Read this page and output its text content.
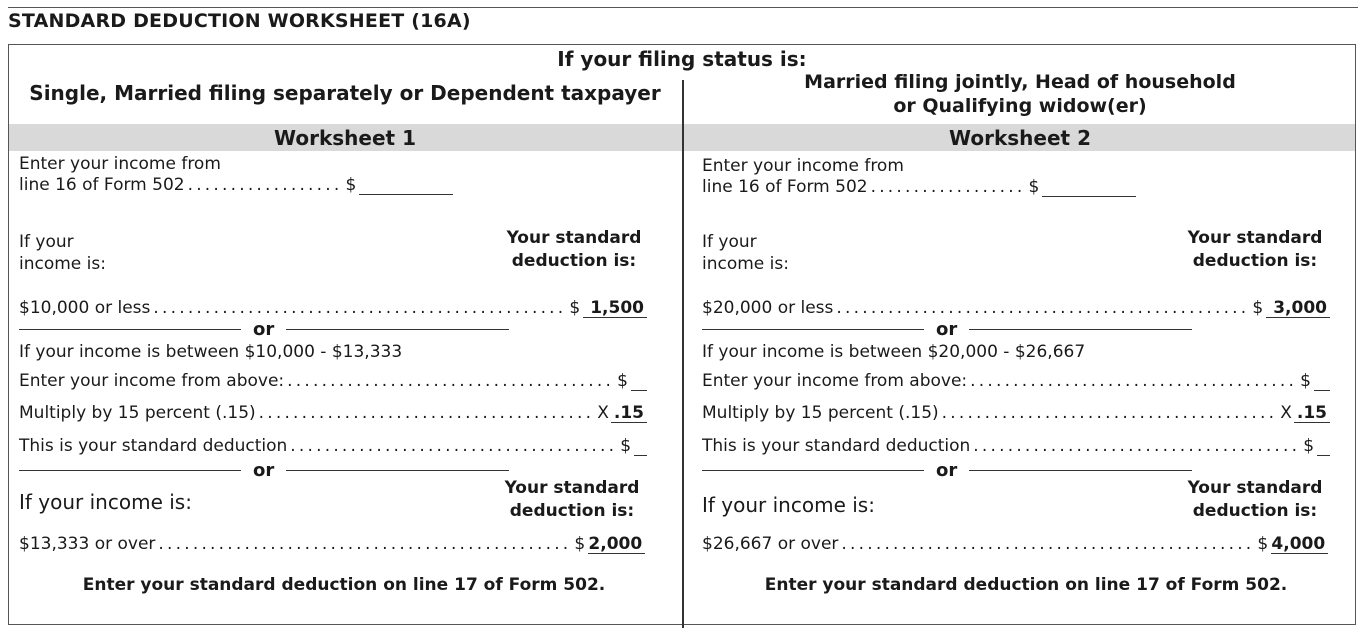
STANDARD DEDUCTION WORKSHEET (16A)
If your filing status is:
Single, Married filing separately or Dependent taxpayer	Married filing jointly, Head of household
or Qualifying widow(er)
Worksheet 1	Worksheet 2
Enter your income from
line 16 of Form 502 .................. $
If your
income is:
Your standard
deduction is:
$10,000 or less ................................................ $ 1,500
or
If your income is between $10,000 - $13,333
Enter your income from above: ...................................... $
Multiply by 15 percent (.15) ....................................... X .15
This is your standard deduction ...................................... $
or
If your income is:
Your standard
deduction is:
$13,333 or over ................................................ $ 2,000
Enter your standard deduction on line 17 of Form 502.
Enter your income from
line 16 of Form 502 .................. $
If your
income is:
Your standard
deduction is:
$20,000 or less ................................................ $ 3,000
or
If your income is between $20,000 - $26,667
Enter your income from above: ...................................... $
Multiply by 15 percent (.15) ....................................... X .15
This is your standard deduction ...................................... $
or
If your income is:
Your standard
deduction is:
$26,667 or over ................................................ $ 4,000
Enter your standard deduction on line 17 of Form 502.
